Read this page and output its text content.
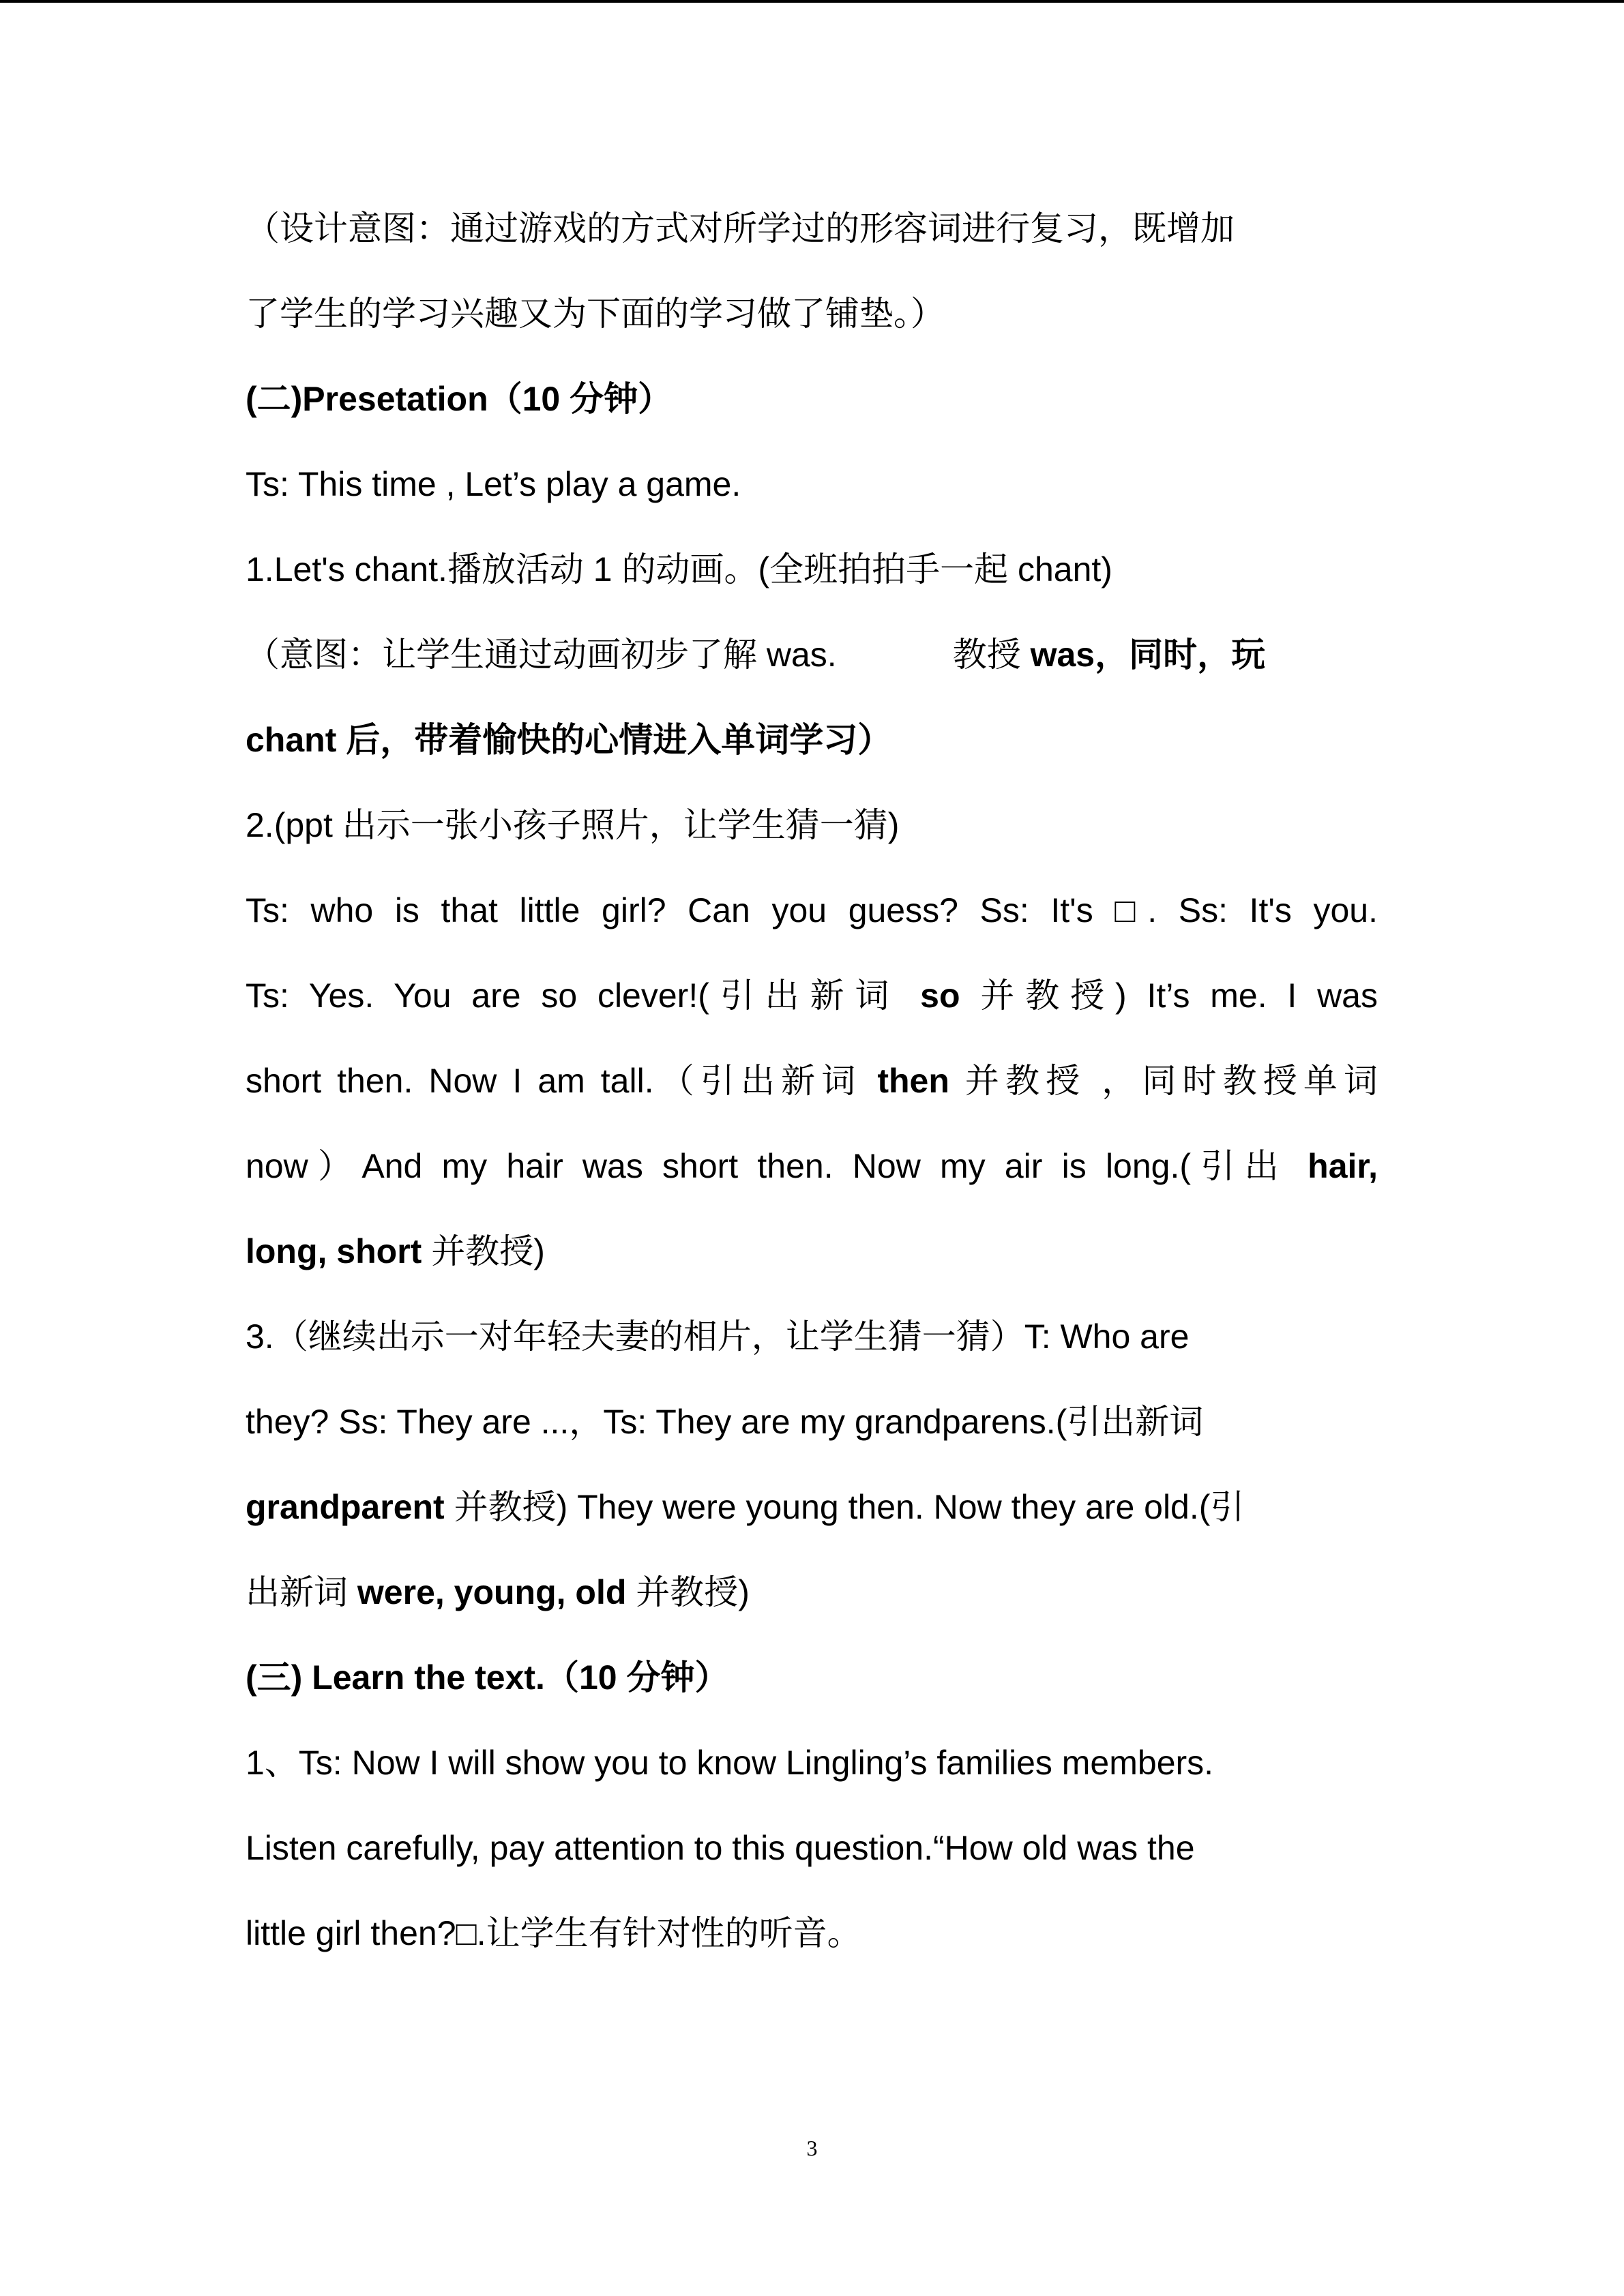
（设计意图：通过游戏的方式对所学过的形容词进行复习，既增加
了学生的学习兴趣又为下面的学习做了铺垫。）
(二)Presetation（10 分钟）
Ts: This time , Let’s play a game.
1.Let's chant.播放活动 1 的动画。(全班拍拍手一起 chant)
（意图：让学生通过动画初步了解 was.	教授 was，同时，玩
chant 后，带着愉快的心情进入单词学习）
2.(ppt 出示一张小孩子照片，让学生猜一猜)
Ts: who is that little girl? Can you guess? Ss: It's □. Ss: It's you.
Ts: Yes. You are so clever!(引出新词 so 并教授) It’s me. I was
short then. Now I am tall.（引出新词 then 并教授 ，同时教授单词
now）And my hair was short then. Now my air is long.(引出 hair,
long, short 并教授)
3.（继续出示一对年轻夫妻的相片，让学生猜一猜）T: Who are
they? Ss: They are ...，Ts: They are my grandparens.(引出新词
grandparent 并教授) They were young then. Now they are old.(引
出新词 were, young, old 并教授)
(三) Learn the text.（10 分钟）
1、Ts: Now I will show you to know Lingling’s families members.
Listen carefully, pay attention to this question.“How old was the
little girl then?□.让学生有针对性的听音。
3
